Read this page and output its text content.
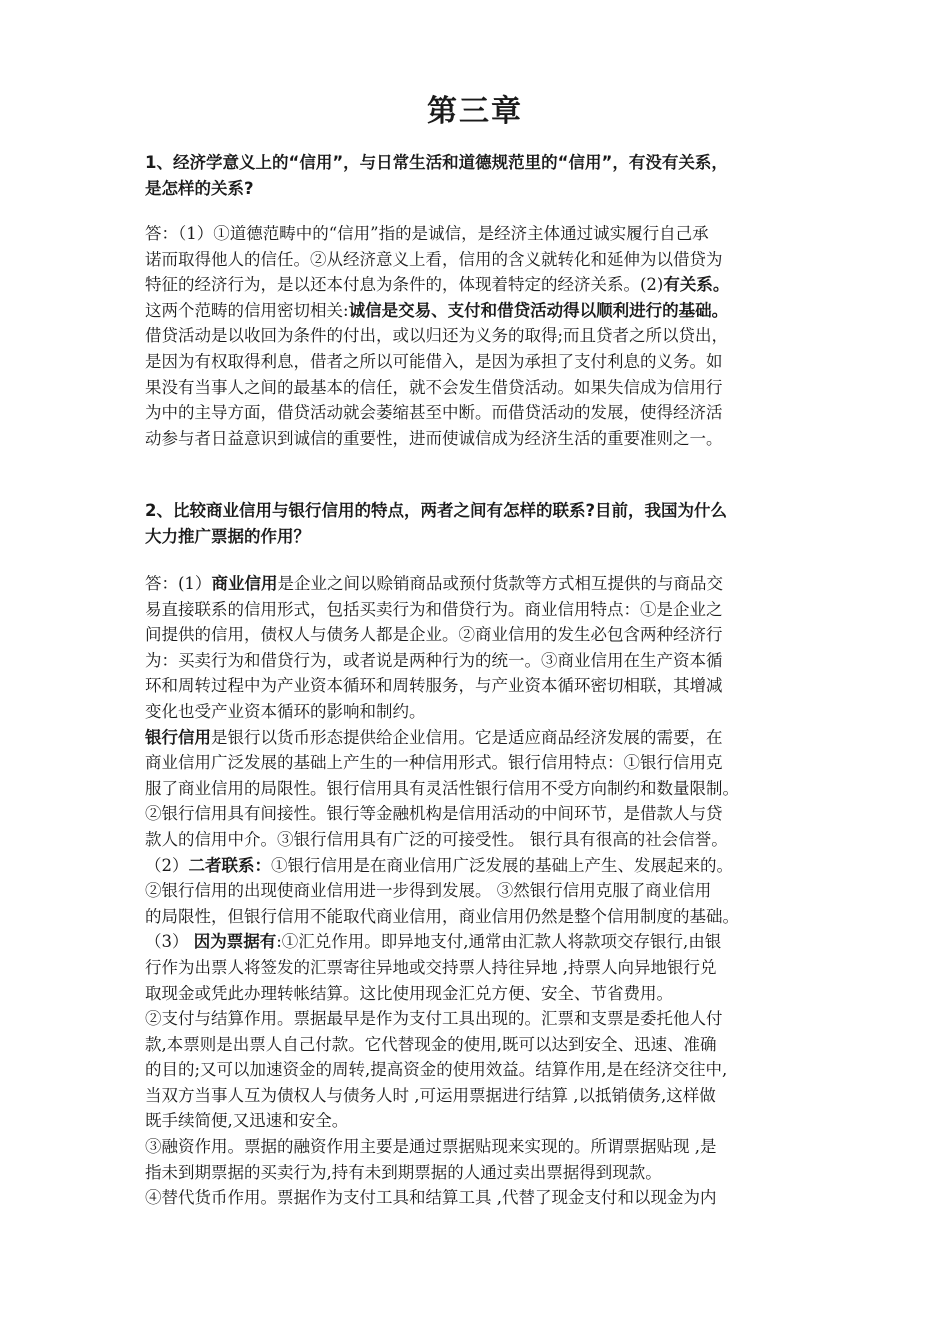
第三章
1、经济学意义上的“信用”，与日常生活和道德规范里的“信用”，有没有关系，
是怎样的关系?
答：（1）①道德范畴中的“信用”指的是诚信，是经济主体通过诚实履行自己承
诺而取得他人的信任。②从经济意义上看，信用的含义就转化和延伸为以借贷为
特征的经济行为，是以还本付息为条件的，体现着特定的经济关系。(2)有关系。
这两个范畴的信用密切相关:诚信是交易、支付和借贷活动得以顺利进行的基础。
借贷活动是以收回为条件的付出，或以归还为义务的取得;而且贷者之所以贷出，
是因为有权取得利息，借者之所以可能借入，是因为承担了支付利息的义务。如
果没有当事人之间的最基本的信任，就不会发生借贷活动。如果失信成为信用行
为中的主导方面，借贷活动就会萎缩甚至中断。而借贷活动的发展，使得经济活
动参与者日益意识到诚信的重要性，进而使诚信成为经济生活的重要准则之一。
2、比较商业信用与银行信用的特点，两者之间有怎样的联系?目前，我国为什么
大力推广票据的作用？
答：(1）商业信用是企业之间以赊销商品或预付货款等方式相互提供的与商品交
易直接联系的信用形式，包括买卖行为和借贷行为。商业信用特点：①是企业之
间提供的信用，债权人与债务人都是企业。②商业信用的发生必包含两种经济行
为：买卖行为和借贷行为，或者说是两种行为的统一。③商业信用在生产资本循
环和周转过程中为产业资本循环和周转服务，与产业资本循环密切相联，其增减
变化也受产业资本循环的影响和制约。
银行信用是银行以货币形态提供给企业信用。它是适应商品经济发展的需要，在
商业信用广泛发展的基础上产生的一种信用形式。银行信用特点：①银行信用克
服了商业信用的局限性。银行信用具有灵活性银行信用不受方向制约和数量限制。
②银行信用具有间接性。银行等金融机构是信用活动的中间环节，是借款人与贷
款人的信用中介。③银行信用具有广泛的可接受性。 银行具有很高的社会信誉。
（2）二者联系：①银行信用是在商业信用广泛发展的基础上产生、发展起来的。
②银行信用的出现使商业信用进一步得到发展。 ③然银行信用克服了商业信用
的局限性，但银行信用不能取代商业信用，商业信用仍然是整个信用制度的基础。
（3） 因为票据有:①汇兑作用。即异地支付,通常由汇款人将款项交存银行,由银
行作为出票人将签发的汇票寄往异地或交持票人持往异地 ,持票人向异地银行兑
取现金或凭此办理转帐结算。这比使用现金汇兑方便、安全、节省费用。
②支付与结算作用。票据最早是作为支付工具出现的。汇票和支票是委托他人付
款,本票则是出票人自己付款。它代替现金的使用,既可以达到安全、迅速、准确
的目的;又可以加速资金的周转,提高资金的使用效益。结算作用,是在经济交往中,
当双方当事人互为债权人与债务人时 ,可运用票据进行结算 ,以抵销债务,这样做
既手续简便,又迅速和安全。
③融资作用。票据的融资作用主要是通过票据贴现来实现的。所谓票据贴现 ,是
指未到期票据的买卖行为,持有未到期票据的人通过卖出票据得到现款。
④替代货币作用。票据作为支付工具和结算工具 ,代替了现金支付和以现金为内
